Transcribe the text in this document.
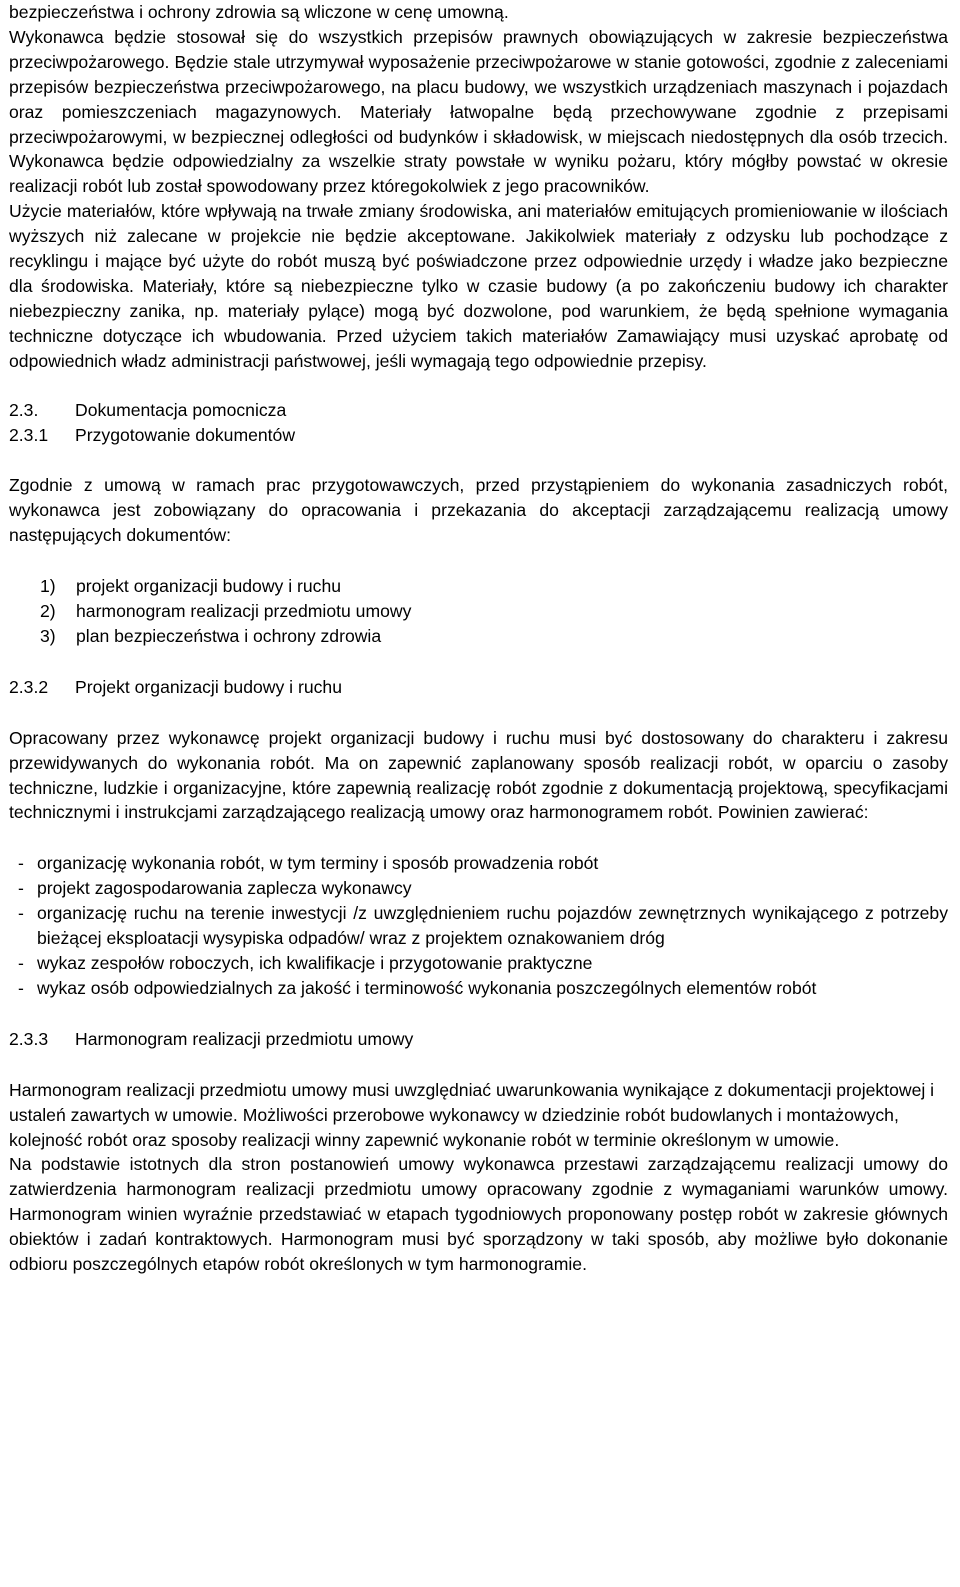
bezpieczeństwa i ochrony zdrowia są wliczone w cenę umowną.

Wykonawca będzie stosował się do wszystkich przepisów prawnych obowiązujących w zakresie bezpieczeństwa przeciwpożarowego. Będzie stale utrzymywał wyposażenie przeciwpożarowe w stanie gotowości, zgodnie z zaleceniami przepisów bezpieczeństwa przeciwpożarowego, na placu budowy, we wszystkich urządzeniach maszynach i pojazdach oraz pomieszczeniach magazynowych. Materiały łatwopalne będą przechowywane zgodnie z przepisami przeciwpożarowymi, w bezpiecznej odległości od budynków i składowisk, w miejscach niedostępnych dla osób trzecich. Wykonawca będzie odpowiedzialny za wszelkie straty powstałe w wyniku pożaru, który mógłby powstać w okresie realizacji robót lub został spowodowany przez któregokolwiek z jego pracowników.

Użycie materiałów, które wpływają na trwałe zmiany środowiska, ani materiałów emitujących promieniowanie w ilościach wyższych niż zalecane w projekcie nie będzie akceptowane. Jakikolwiek materiały z odzysku lub pochodzące z recyklingu i mające być użyte do robót muszą być poświadczone przez odpowiednie urzędy i władze jako bezpieczne dla środowiska. Materiały, które są niebezpieczne tylko w czasie budowy (a po zakończeniu budowy ich charakter niebezpieczny zanika, np. materiały pylące) mogą być dozwolone, pod warunkiem, że będą spełnione wymagania techniczne dotyczące ich wbudowania. Przed użyciem takich materiałów Zamawiający musi uzyskać aprobatę od odpowiednich władz administracji państwowej, jeśli wymagają tego odpowiednie przepisy.

2.3.	Dokumentacja pomocnicza
2.3.1	Przygotowanie dokumentów

Zgodnie z umową w ramach prac przygotowawczych, przed przystąpieniem do wykonania zasadniczych robót, wykonawca jest zobowiązany do opracowania i przekazania do akceptacji zarządzającemu realizacją umowy następujących dokumentów:

1)	projekt organizacji budowy i ruchu
2)	harmonogram realizacji przedmiotu umowy
3)	plan bezpieczeństwa i ochrony zdrowia
2.3.2	Projekt organizacji budowy i ruchu

Opracowany przez wykonawcę projekt organizacji budowy i ruchu musi być dostosowany do charakteru i zakresu przewidywanych do wykonania robót. Ma on zapewnić zaplanowany sposób realizacji robót, w oparciu o zasoby techniczne, ludzkie i organizacyjne, które zapewnią realizację robót zgodnie z dokumentacją projektową, specyfikacjami technicznymi i instrukcjami zarządzającego realizacją umowy oraz harmonogramem robót. Powinien zawierać:

- organizację wykonania robót, w tym terminy i sposób prowadzenia robót
- projekt zagospodarowania zaplecza wykonawcy
- organizację ruchu na terenie inwestycji /z uwzględnieniem ruchu pojazdów zewnętrznych wynikającego z potrzeby bieżącej eksploatacji wysypiska odpadów/ wraz z projektem oznakowaniem dróg
- wykaz zespołów roboczych, ich kwalifikacje i przygotowanie praktyczne
- wykaz osób odpowiedzialnych za jakość i terminowość wykonania poszczególnych elementów robót
2.3.3	Harmonogram realizacji przedmiotu umowy

Harmonogram realizacji przedmiotu umowy musi uwzględniać uwarunkowania wynikające z dokumentacji projektowej i ustaleń zawartych w umowie. Możliwości przerobowe wykonawcy w dziedzinie robót budowlanych i montażowych, kolejność robót oraz sposoby realizacji winny zapewnić wykonanie robót w terminie określonym w umowie.

Na podstawie istotnych dla stron postanowień umowy wykonawca przestawi zarządzającemu realizacji umowy do zatwierdzenia harmonogram realizacji przedmiotu umowy opracowany zgodnie z wymaganiami warunków umowy. Harmonogram winien wyraźnie przedstawiać w etapach tygodniowych proponowany postęp robót w zakresie głównych obiektów i zadań kontraktowych. Harmonogram musi być sporządzony w taki sposób, aby możliwe było dokonanie odbioru poszczególnych etapów robót określonych w tym harmonogramie.
